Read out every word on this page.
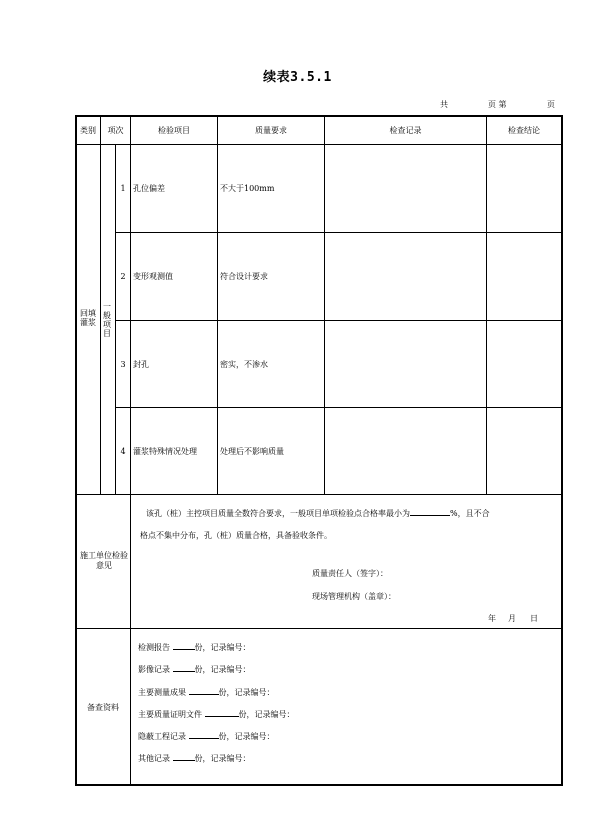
续表3.5.1
共	页 第	页
类别	项次	检验项目	质量要求	检查记录	检查结论
回填灌浆
一般项目
1 孔位偏差	不大于100mm
2 变形观测值	符合设计要求
3 封孔	密实，不渗水
4 灌浆特殊情况处理	处理后不影响质量
施工单位检验意见
该孔（桩）主控项目质量全数符合要求，一般项目单项检验点合格率最小为	%，且不合
格点不集中分布，孔（桩）质量合格，具备验收条件。
质量责任人（签字）：
现场管理机构（盖章）：
年 月 日
备查资料
检测报告	份，记录编号：
影像记录	份，记录编号：
主要测量成果	份，记录编号：
主要质量证明文件	份，记录编号：
隐蔽工程记录	份，记录编号：
其他记录	份，记录编号：
